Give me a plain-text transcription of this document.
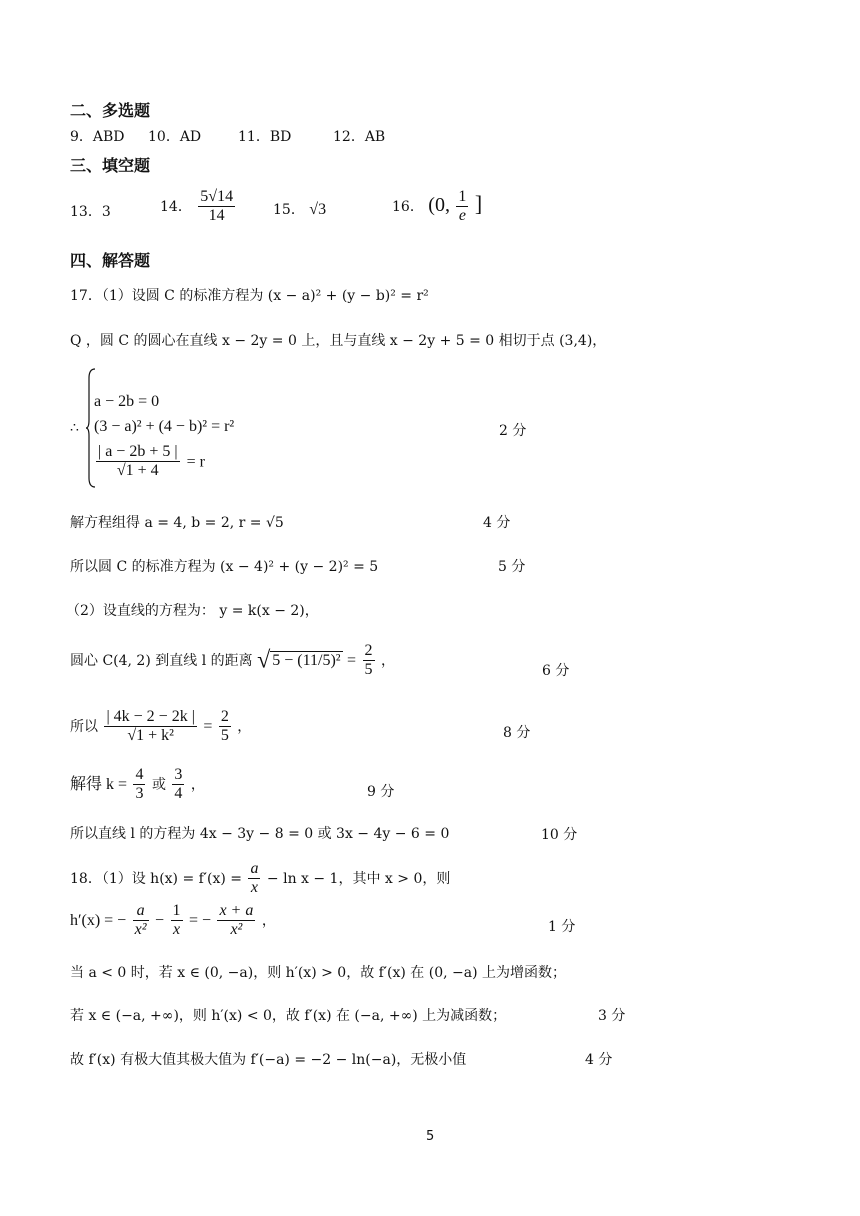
二、多选题
9．ABD 10．AD	11．BD	12．AB
三、填空题
13．3	14． $\frac{5√14}{14}$	15． √3	16． (0, $\frac{1}{e}$ ]
四、解答题
17．（1）设圆 C 的标准方程为 (x − a)² + (y − b)² = r²
Q ，圆 C 的圆心在直线 x − 2y = 0 上，且与直线 x − 2y + 5 = 0 相切于点 (3,4)，
∴
a − 2b = 0
(3 − a)² + (4 − b)² = r²
$\frac{| a - 2b + 5 |}{√1 + 4} = r$
2 分
解方程组得 a = 4, b = 2, r = √5	4 分
所以圆 C 的标准方程为 (x − 4)² + (y − 2)² = 5	5 分
（2）设直线的方程为： y = k(x − 2)，
圆心 C(4, 2) 到直线 l 的距离 √ $5 - (11/5)^2 = \frac{2}{5}$ ，
6 分
所以 $\frac{| 4k - 2 - 2k |}{\text{√1 + k²}} = \frac{2}{5}$ ，	8 分
解得 $k = \frac{4}{3}$ 或 $\frac{3}{4}$ ，	9 分
所以直线 l 的方程为 4x − 3y − 8 = 0 或 3x − 4y − 6 = 0	10 分
18．（1）设 $h(x) = f'(x) = \frac{a}{x} - \ln x - 1$，其中 x > 0，则
h′(x) = − $\frac{a}{\text{x²}} - \frac{1}{x}$ = − $\frac{x + a}{\text{x²}}$ ，	1 分
当 a < 0 时，若 x ∈ (0, −a)，则 h′(x) > 0，故 f′(x) 在 (0, −a) 上为增函数；
若 x ∈ (−a, +∞)，则 h′(x) < 0，故 f′(x) 在 (−a, +∞) 上为减函数；	3 分
故 f′(x) 有极大值其极大值为 f′(−a) = −2 − ln(−a)，无极小值	4 分
5
